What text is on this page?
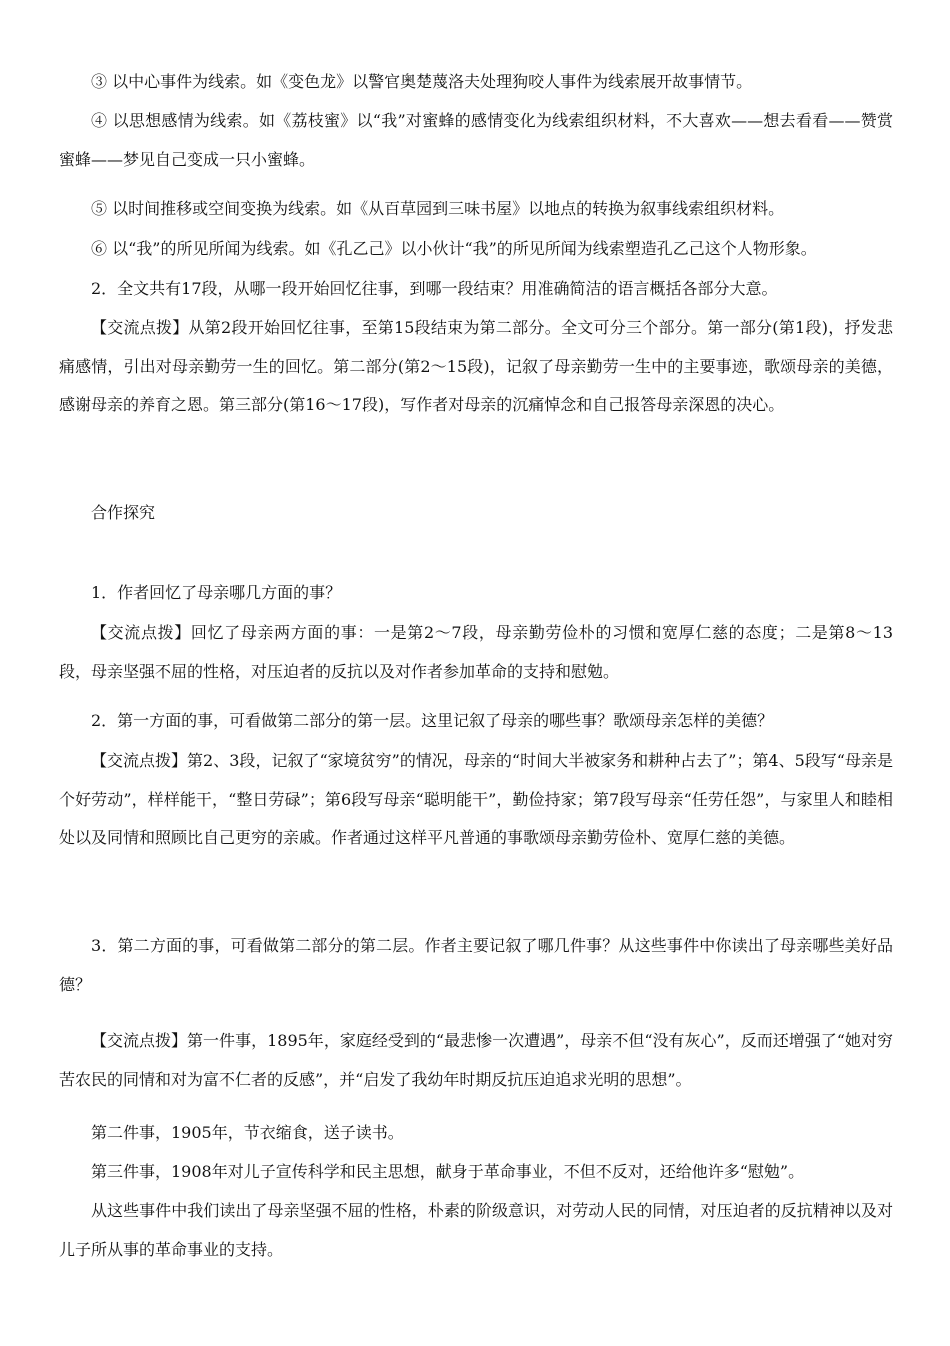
③ 以中心事件为线索。如《变色龙》以警官奥楚蔑洛夫处理狗咬人事件为线索展开故事情节。

④ 以思想感情为线索。如《荔枝蜜》以“我”对蜜蜂的感情变化为线索组织材料，不大喜欢——想去看看——赞赏蜜蜂——梦见自己变成一只小蜜蜂。

⑤ 以时间推移或空间变换为线索。如《从百草园到三味书屋》以地点的转换为叙事线索组织材料。

⑥ 以“我”的所见所闻为线索。如《孔乙己》以小伙计“我”的所见所闻为线索塑造孔乙己这个人物形象。

2．全文共有17段，从哪一段开始回忆往事，到哪一段结束？用准确简洁的语言概括各部分大意。

【交流点拨】从第2段开始回忆往事，至第15段结束为第二部分。全文可分三个部分。第一部分(第1段)，抒发悲痛感情，引出对母亲勤劳一生的回忆。第二部分(第2～15段)，记叙了母亲勤劳一生中的主要事迹，歌颂母亲的美德，感谢母亲的养育之恩。第三部分(第16～17段)，写作者对母亲的沉痛悼念和自己报答母亲深恩的决心。

合作探究

1．作者回忆了母亲哪几方面的事？

【交流点拨】回忆了母亲两方面的事：一是第2～7段，母亲勤劳俭朴的习惯和宽厚仁慈的态度；二是第8～13段，母亲坚强不屈的性格，对压迫者的反抗以及对作者参加革命的支持和慰勉。

2．第一方面的事，可看做第二部分的第一层。这里记叙了母亲的哪些事？歌颂母亲怎样的美德？

【交流点拨】第2、3段，记叙了“家境贫穷”的情况，母亲的“时间大半被家务和耕种占去了”；第4、5段写“母亲是个好劳动”，样样能干，“整日劳碌”；第6段写母亲“聪明能干”，勤俭持家；第7段写母亲“任劳任怨”，与家里人和睦相处以及同情和照顾比自己更穷的亲戚。作者通过这样平凡普通的事歌颂母亲勤劳俭朴、宽厚仁慈的美德。

3．第二方面的事，可看做第二部分的第二层。作者主要记叙了哪几件事？从这些事件中你读出了母亲哪些美好品德？

【交流点拨】第一件事，1895年，家庭经受到的“最悲惨一次遭遇”，母亲不但“没有灰心”，反而还增强了“她对穷苦农民的同情和对为富不仁者的反感”，并“启发了我幼年时期反抗压迫追求光明的思想”。

第二件事，1905年，节衣缩食，送子读书。

第三件事，1908年对儿子宣传科学和民主思想，献身于革命事业，不但不反对，还给他许多“慰勉”。

从这些事件中我们读出了母亲坚强不屈的性格，朴素的阶级意识，对劳动人民的同情，对压迫者的反抗精神以及对儿子所从事的革命事业的支持。
